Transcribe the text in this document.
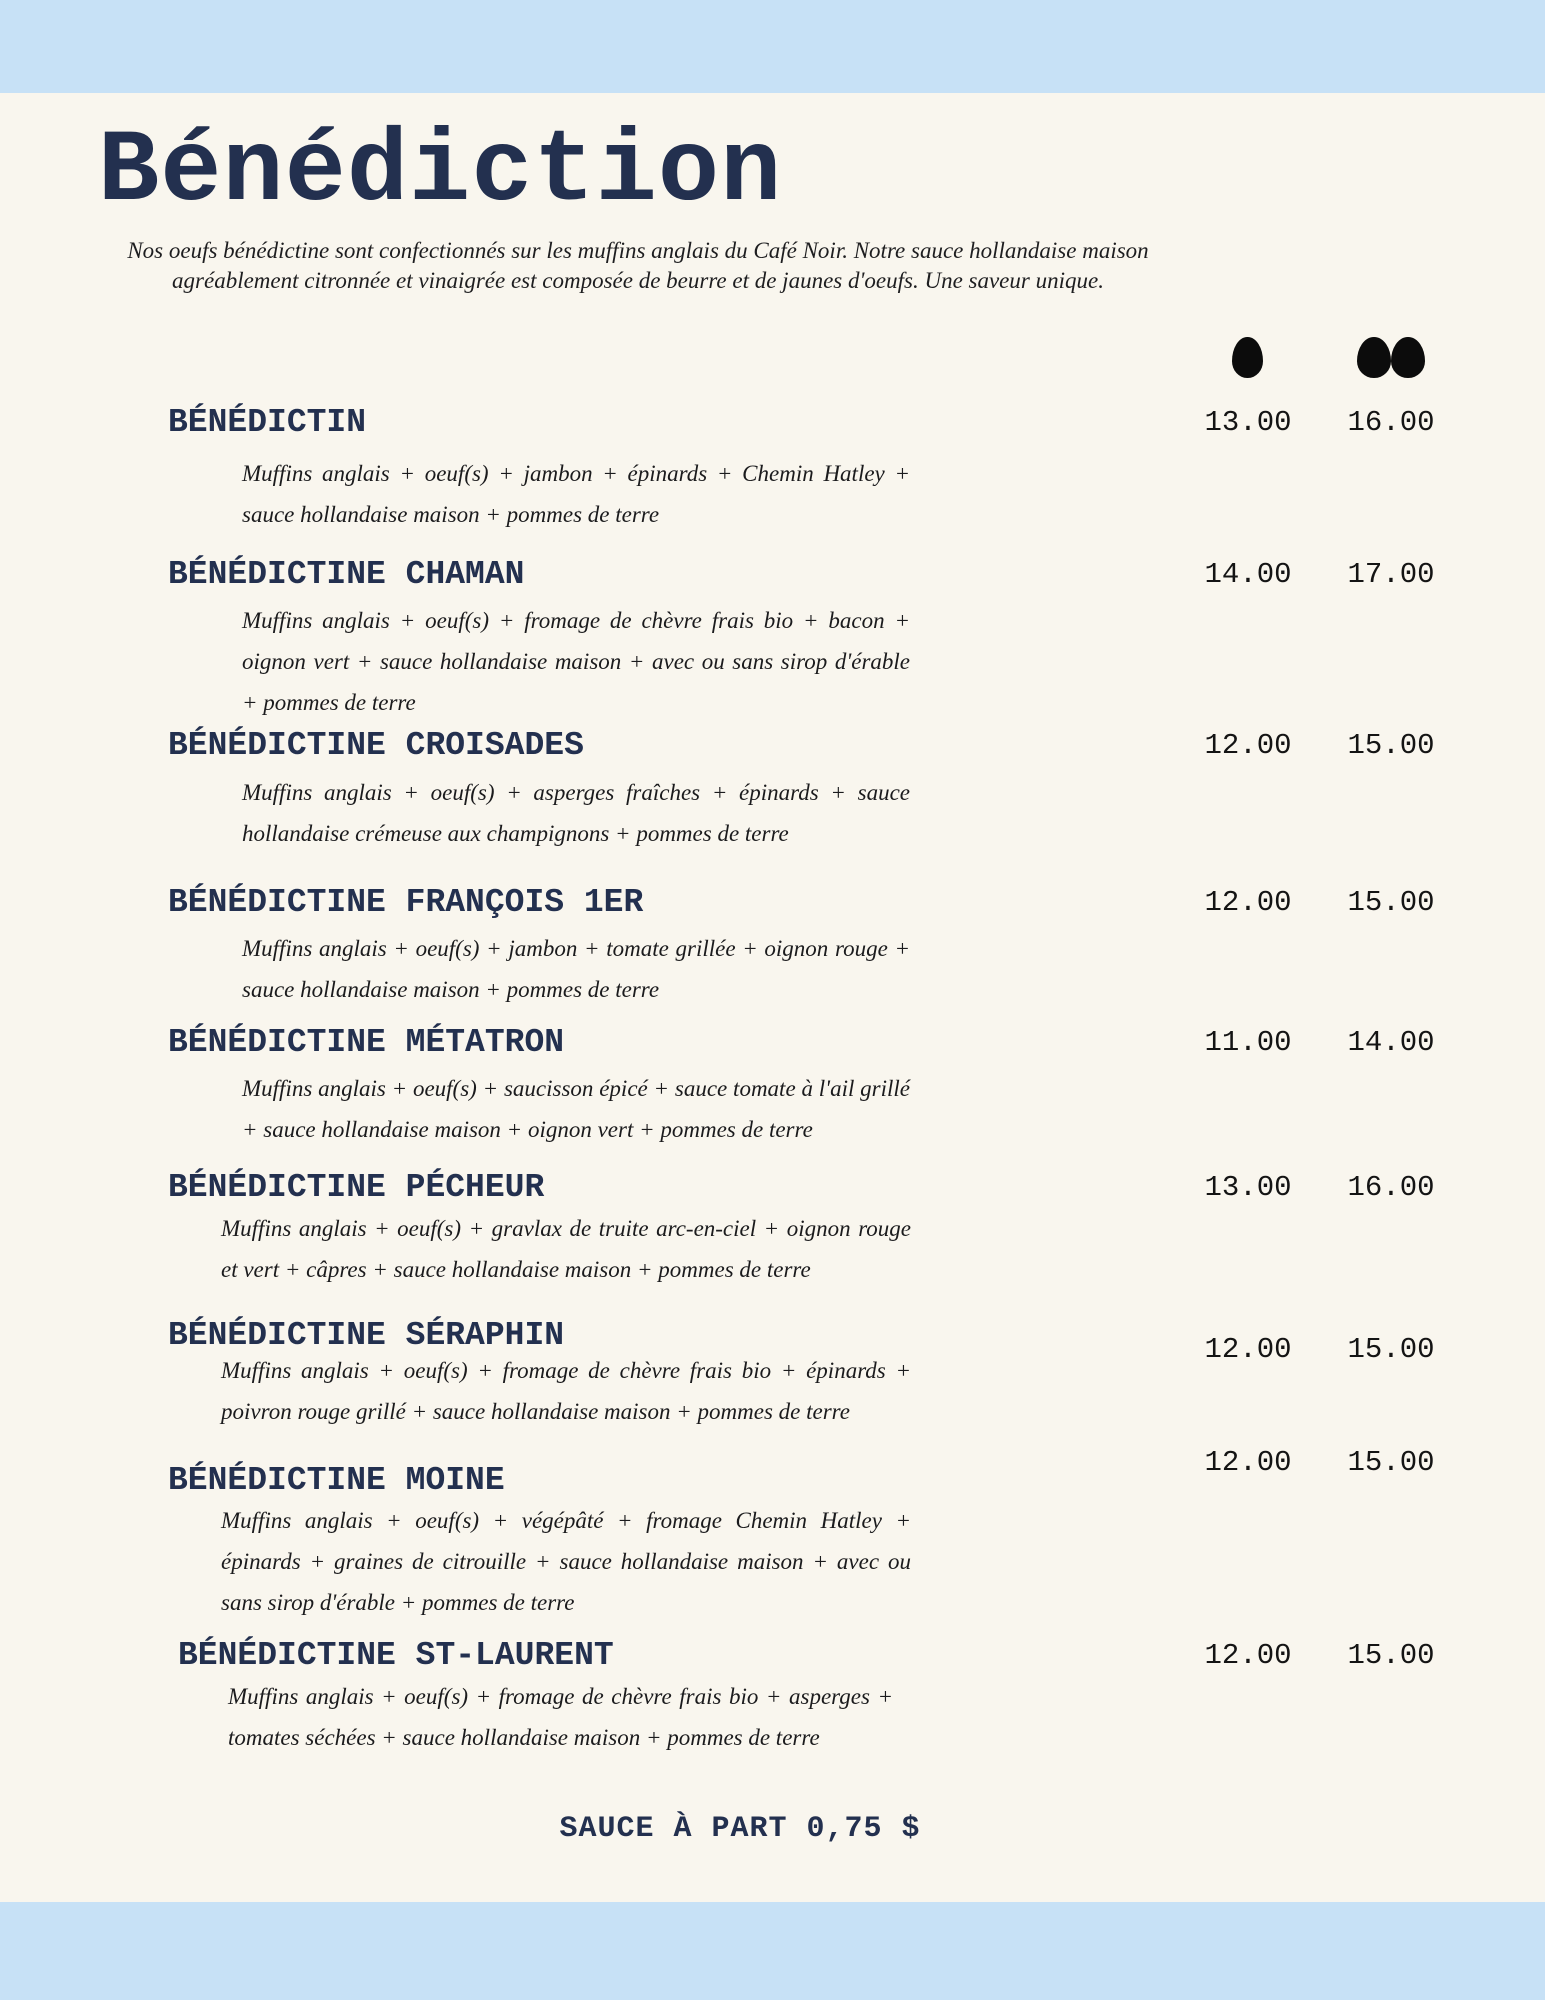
Bénédiction
Nos oeufs bénédictine sont confectionnés sur les muffins anglais du Café Noir. Notre sauce hollandaise maison
agréablement citronnée et vinaigrée est composée de beurre et de jaunes d'oeufs. Une saveur unique.
BÉNÉDICTIN	13.00 16.00
Muffins anglais + oeuf(s) + jambon + épinards + Chemin Hatley + sauce hollandaise maison + pommes de terre
BÉNÉDICTINE CHAMAN	14.00 17.00
Muffins anglais + oeuf(s) + fromage de chèvre frais bio + bacon + oignon vert + sauce hollandaise maison + avec ou sans sirop d'érable + pommes de terre
BÉNÉDICTINE CROISADES	12.00 15.00
Muffins anglais + oeuf(s) + asperges fraîches + épinards + sauce hollandaise crémeuse aux champignons + pommes de terre
BÉNÉDICTINE FRANÇOIS 1ER	12.00 15.00
Muffins anglais + oeuf(s) + jambon + tomate grillée + oignon rouge + sauce hollandaise maison + pommes de terre
BÉNÉDICTINE MÉTATRON	11.00 14.00
Muffins anglais + oeuf(s) + saucisson épicé + sauce tomate à l'ail grillé + sauce hollandaise maison + oignon vert + pommes de terre
BÉNÉDICTINE PÉCHEUR	13.00 16.00
Muffins anglais + oeuf(s) + gravlax de truite arc-en-ciel + oignon rouge et vert + câpres + sauce hollandaise maison + pommes de terre
BÉNÉDICTINE SÉRAPHIN	12.00 15.00
Muffins anglais + oeuf(s) + fromage de chèvre frais bio + épinards + poivron rouge grillé + sauce hollandaise maison + pommes de terre
BÉNÉDICTINE MOINE	12.00 15.00
Muffins anglais + oeuf(s) + végépâté + fromage Chemin Hatley + épinards + graines de citrouille + sauce hollandaise maison + avec ou sans sirop d'érable + pommes de terre
BÉNÉDICTINE ST-LAURENT	12.00 15.00
Muffins anglais + oeuf(s) + fromage de chèvre frais bio + asperges + tomates séchées + sauce hollandaise maison + pommes de terre
SAUCE À PART 0,75 $
